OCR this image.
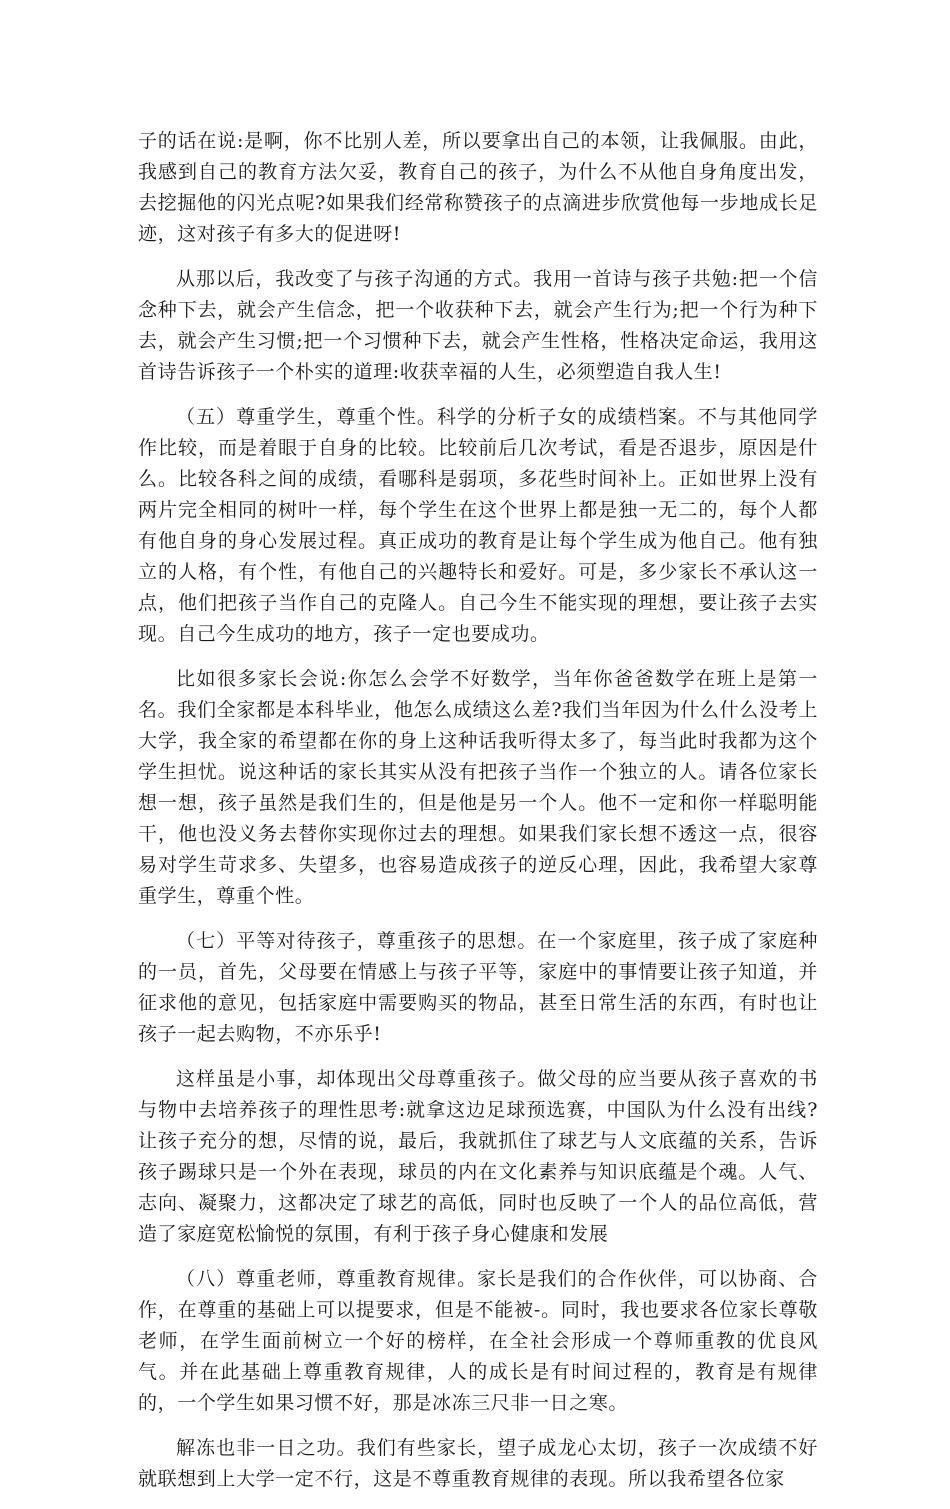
子的话在说:是啊，你不比别人差，所以要拿出自己的本领，让我佩服。由此，我感到自己的教育方法欠妥，教育自己的孩子，为什么不从他自身角度出发，去挖掘他的闪光点呢?如果我们经常称赞孩子的点滴进步欣赏他每一步地成长足迹，这对孩子有多大的促进呀!

从那以后，我改变了与孩子沟通的方式。我用一首诗与孩子共勉:把一个信念种下去，就会产生信念，把一个收获种下去，就会产生行为;把一个行为种下去，就会产生习惯;把一个习惯种下去，就会产生性格，性格决定命运，我用这首诗告诉孩子一个朴实的道理:收获幸福的人生，必须塑造自我人生!

（五）尊重学生，尊重个性。科学的分析子女的成绩档案。不与其他同学作比较，而是着眼于自身的比较。比较前后几次考试，看是否退步，原因是什么。比较各科之间的成绩，看哪科是弱项，多花些时间补上。正如世界上没有两片完全相同的树叶一样，每个学生在这个世界上都是独一无二的，每个人都有他自身的身心发展过程。真正成功的教育是让每个学生成为他自己。他有独立的人格，有个性，有他自己的兴趣特长和爱好。可是，多少家长不承认这一点，他们把孩子当作自己的克隆人。自己今生不能实现的理想，要让孩子去实现。自己今生成功的地方，孩子一定也要成功。

比如很多家长会说:你怎么会学不好数学，当年你爸爸数学在班上是第一名。我们全家都是本科毕业，他怎么成绩这么差?我们当年因为什么什么没考上大学，我全家的希望都在你的身上这种话我听得太多了，每当此时我都为这个学生担忧。说这种话的家长其实从没有把孩子当作一个独立的人。请各位家长想一想，孩子虽然是我们生的，但是他是另一个人。他不一定和你一样聪明能干，他也没义务去替你实现你过去的理想。如果我们家长想不透这一点，很容易对学生苛求多、失望多，也容易造成孩子的逆反心理，因此，我希望大家尊重学生，尊重个性。

（七）平等对待孩子，尊重孩子的思想。在一个家庭里，孩子成了家庭种的一员，首先，父母要在情感上与孩子平等，家庭中的事情要让孩子知道，并征求他的意见，包括家庭中需要购买的物品，甚至日常生活的东西，有时也让孩子一起去购物，不亦乐乎!

这样虽是小事，却体现出父母尊重孩子。做父母的应当要从孩子喜欢的书与物中去培养孩子的理性思考:就拿这边足球预选赛，中国队为什么没有出线?让孩子充分的想，尽情的说，最后，我就抓住了球艺与人文底蕴的关系，告诉孩子踢球只是一个外在表现，球员的内在文化素养与知识底蕴是个魂。人气、志向、凝聚力，这都决定了球艺的高低，同时也反映了一个人的品位高低，营造了家庭宽松愉悦的氛围，有利于孩子身心健康和发展

（八）尊重老师，尊重教育规律。家长是我们的合作伙伴，可以协商、合作，在尊重的基础上可以提要求，但是不能被-。同时，我也要求各位家长尊敬老师，在学生面前树立一个好的榜样，在全社会形成一个尊师重教的优良风气。并在此基础上尊重教育规律，人的成长是有时间过程的，教育是有规律的，一个学生如果习惯不好，那是冰冻三尺非一日之寒。

解冻也非一日之功。我们有些家长，望子成龙心太切，孩子一次成绩不好就联想到上大学一定不行，这是不尊重教育规律的表现。所以我希望各位家
